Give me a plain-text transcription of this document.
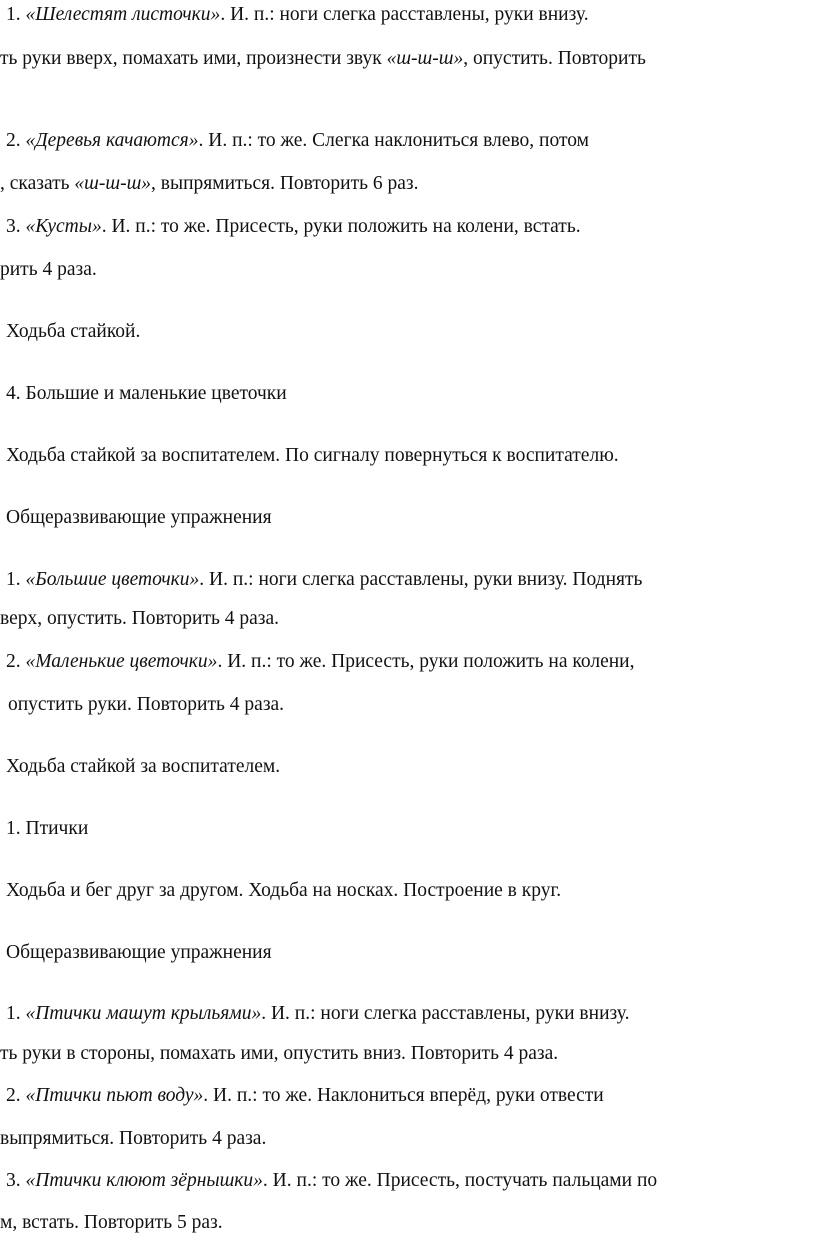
1. «Шелестят листочки». И. п.: ноги слегка расставлены, руки внизу.
ть руки вверх, помахать ими, произнести звук «ш-ш-ш», опустить. Повторить
2. «Деревья качаются». И. п.: то же. Слегка наклониться влево, потом
, сказать «ш-ш-ш», выпрямиться. Повторить 6 раз.
3. «Кусты». И. п.: то же. Присесть, руки положить на колени, встать.
рить 4 раза.
Ходьба стайкой.
4. Большие и маленькие цветочки
Ходьба стайкой за воспитателем. По сигналу повернуться к воспитателю.
Общеразвивающие упражнения
1. «Большие цветочки». И. п.: ноги слегка расставлены, руки внизу. Поднять
верх, опустить. Повторить 4 раза.
2. «Маленькие цветочки». И. п.: то же. Присесть, руки положить на колени,
опустить руки. Повторить 4 раза.
Ходьба стайкой за воспитателем.
1. Птички
Ходьба и бег друг за другом. Ходьба на носках. Построение в круг.
Общеразвивающие упражнения
1. «Птички машут крыльями». И. п.: ноги слегка расставлены, руки внизу.
ть руки в стороны, помахать ими, опустить вниз. Повторить 4 раза.
2. «Птички пьют воду». И. п.: то же. Наклониться вперёд, руки отвести
выпрямиться. Повторить 4 раза.
3. «Птички клюют зёрнышки». И. п.: то же. Присесть, постучать пальцами по
м, встать. Повторить 5 раз.
